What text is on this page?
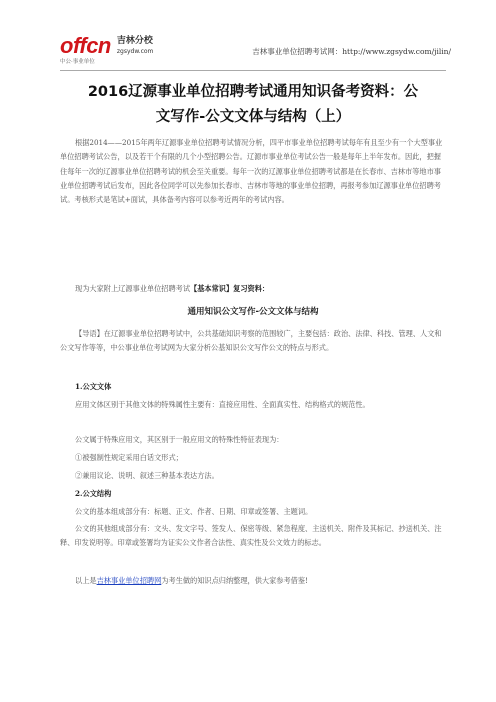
offcn
中公·事业单位
吉林分校
zgsydw.com	吉林事业单位招聘考试网：http://www.zgsydw.com/jilin/
2016辽源事业单位招聘考试通用知识备考资料：公
文写作-公文文体与结构（上）

根据2014——2015年两年辽源事业单位招聘考试情况分析，四平市事业单位招聘考试每年有且至少有一个大型事业单位招聘考试公告，以及若干个有限的几个小型招聘公告。辽源市事业单位考试公告一般是每年上半年发布。因此，把握住每年一次的辽源事业单位招聘考试的机会至关重要。每年一次的辽源事业单位招聘考试都是在长春市、吉林市等地市事业单位招聘考试后发布，因此各位同学可以先参加长春市、吉林市等地的事业单位招聘，再报考参加辽源事业单位招聘考试。考核形式是笔试+面试，具体备考内容可以参考近两年的考试内容。

现为大家附上辽源事业单位招聘考试【基本常识】复习资料：

通用知识公文写作-公文文体与结构

【导语】在辽源事业单位招聘考试中，公共基础知识考察的范围较广，主要包括：政治、法律、科技、管理、人文和公文写作等等，中公事业单位考试网为大家分析公基知识公文写作公文的特点与形式。

1.公文文体

应用文体区别于其他文体的特殊属性主要有：直接应用性、全面真实性、结构格式的规范性。

公文属于特殊应用文，其区别于一般应用文的特殊性特征表现为：

①被强制性规定采用白话文形式；

②兼用议论、说明、叙述三种基本表达方法。

2.公文结构

公文的基本组成部分有：标题、正文、作者、日期、印章或签署、主题词。

公文的其他组成部分有：文头、发文字号、签发人、保密等级、紧急程度、主送机关、附件及其标记、抄送机关、注释、印发说明等。印章或签署均为证实公文作者合法性、真实性及公文效力的标志。

以上是吉林事业单位招聘网为考生做的知识点归纳整理，供大家参考借鉴!
